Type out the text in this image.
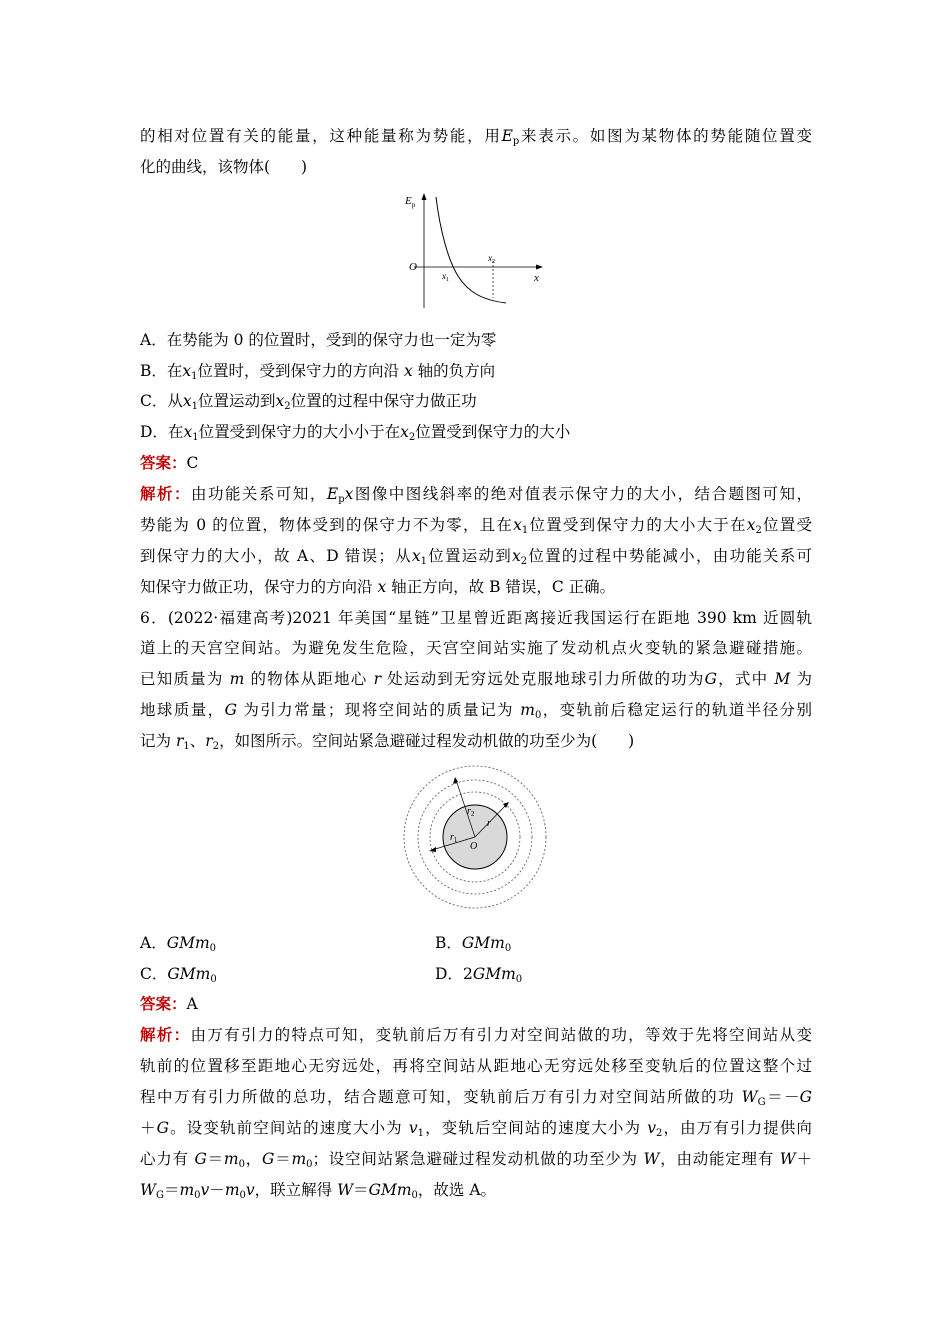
的相对位置有关的能量，这种能量称为势能，用$E_p$来表示。如图为某物体的势能随位置变
化的曲线，该物体(　　)
$E_p$
O
x
$x_1$
$x_2$
A．在势能为 0 的位置时，受到的保守力也一定为零
B．在$x_1$位置时，受到保守力的方向沿 x 轴的负方向
C．从$x_1$位置运动到$x_2$位置的过程中保守力做正功
D．在$x_1$位置受到保守力的大小小于在$x_2$位置受到保守力的大小
答案：C
解析：由功能关系可知，$E_px$图像中图线斜率的绝对值表示保守力的大小，结合题图可知，
势能为 0 的位置，物体受到的保守力不为零，且在$x_1$位置受到保守力的大小大于在$x_2$位置受
到保守力的大小，故 A、D 错误；从$x_1$位置运动到$x_2$位置的过程中势能减小，由功能关系可
知保守力做正功，保守力的方向沿 x 轴正方向，故 B 错误，C 正确。
6．(2022·福建高考)2021 年美国“星链”卫星曾近距离接近我国运行在距地 390 km 近圆轨
道上的天宫空间站。为避免发生危险，天宫空间站实施了发动机点火变轨的紧急避碰措施。
已知质量为 m 的物体从距地心 r 处运动到无穷远处克服地球引力所做的功为G，式中 M 为
地球质量，G 为引力常量；现将空间站的质量记为 $m_0$，变轨前后稳定运行的轨道半径分别
记为 $r_1$、$r_2$，如图所示。空间站紧急避碰过程发动机做的功至少为(　　)
$r_2$
r
$r_1$
O
A．GMm$_0$	B．GMm$_0$
C．GMm$_0$	D．2GMm$_0$
答案：A
解析：由万有引力的特点可知，变轨前后万有引力对空间站做的功，等效于先将空间站从变
轨前的位置移至距地心无穷远处，再将空间站从距地心无穷远处移至变轨后的位置这整个过
程中万有引力所做的总功，结合题意可知，变轨前后万有引力对空间站所做的功 $W_G=-G$
＋G。设变轨前空间站的速度大小为 $v_1$，变轨后空间站的速度大小为 $v_2$，由万有引力提供向
心力有 $G=m_0$，$G=m_0$；设空间站紧急避碰过程发动机做的功至少为 W，由动能定理有 W＋
$W_G=m_0v-m_0v$，联立解得 W＝GMm$_0$，故选 A。
